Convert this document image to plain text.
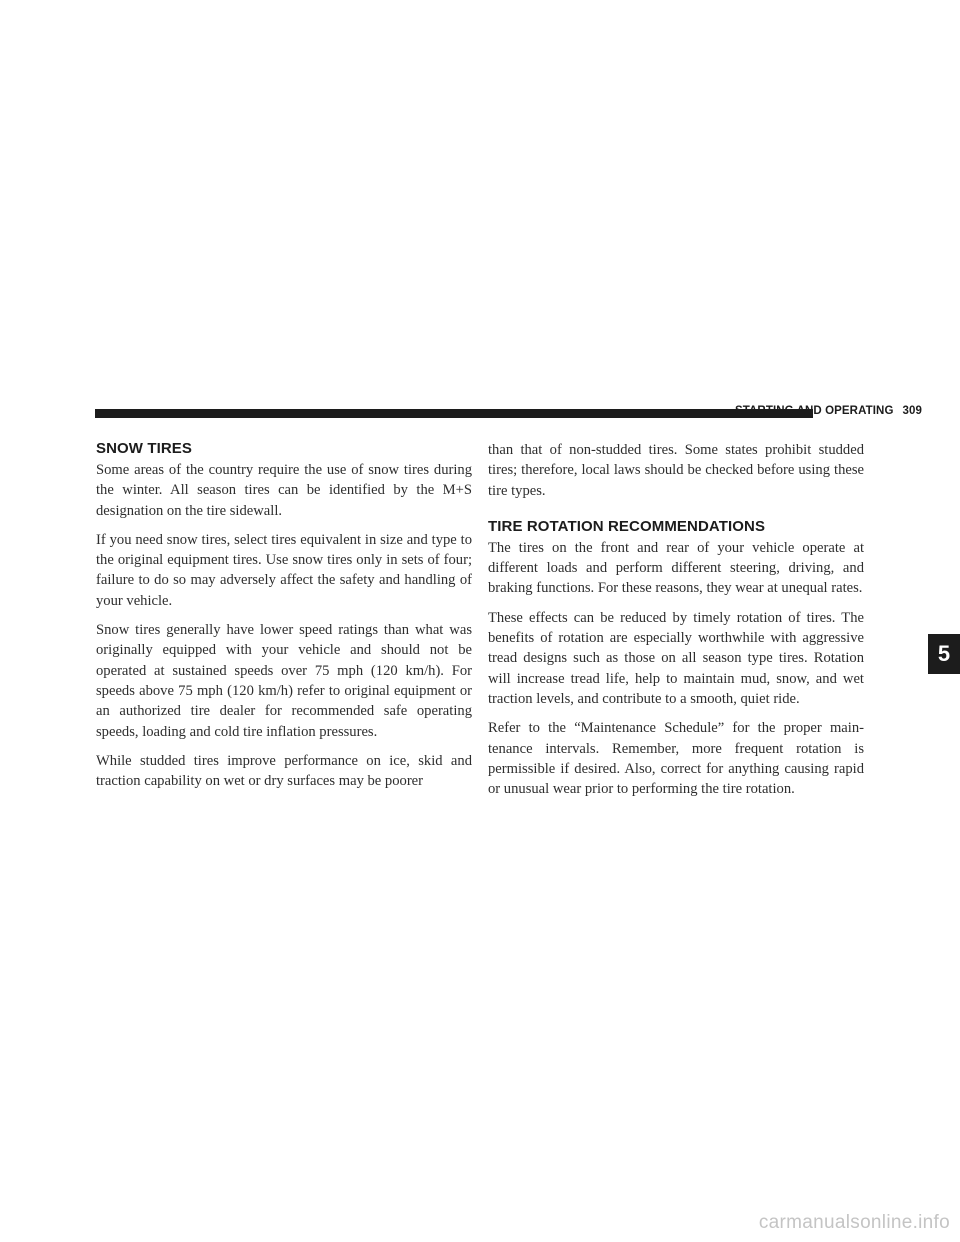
STARTING AND OPERATING 309
SNOW TIRES

Some areas of the country require the use of snow tires during the winter. All season tires can be identified by the M+S designation on the tire sidewall.

If you need snow tires, select tires equivalent in size and type to the original equipment tires. Use snow tires only in sets of four; failure to do so may adversely affect the safety and handling of your vehicle.

Snow tires generally have lower speed ratings than what was originally equipped with your vehicle and should not be operated at sustained speeds over 75 mph (120 km/h). For speeds above 75 mph (120 km/h) refer to original equipment or an authorized tire dealer for recommended safe operating speeds, loading and cold tire inflation pressures.

While studded tires improve performance on ice, skid and traction capability on wet or dry surfaces may be poorer

than that of non-studded tires. Some states prohibit studded tires; therefore, local laws should be checked before using these tire types.

TIRE ROTATION RECOMMENDATIONS

The tires on the front and rear of your vehicle operate at different loads and perform different steering, driving, and braking functions. For these reasons, they wear at unequal rates.

These effects can be reduced by timely rotation of tires. The benefits of rotation are especially worthwhile with aggressive tread designs such as those on all season type tires. Rotation will increase tread life, help to maintain mud, snow, and wet traction levels, and contribute to a smooth, quiet ride.

Refer to the “Maintenance Schedule” for the proper main-tenance intervals. Remember, more frequent rotation is permissible if desired. Also, correct for anything causing rapid or unusual wear prior to performing the tire rotation.

5
carmanualsonline.info
